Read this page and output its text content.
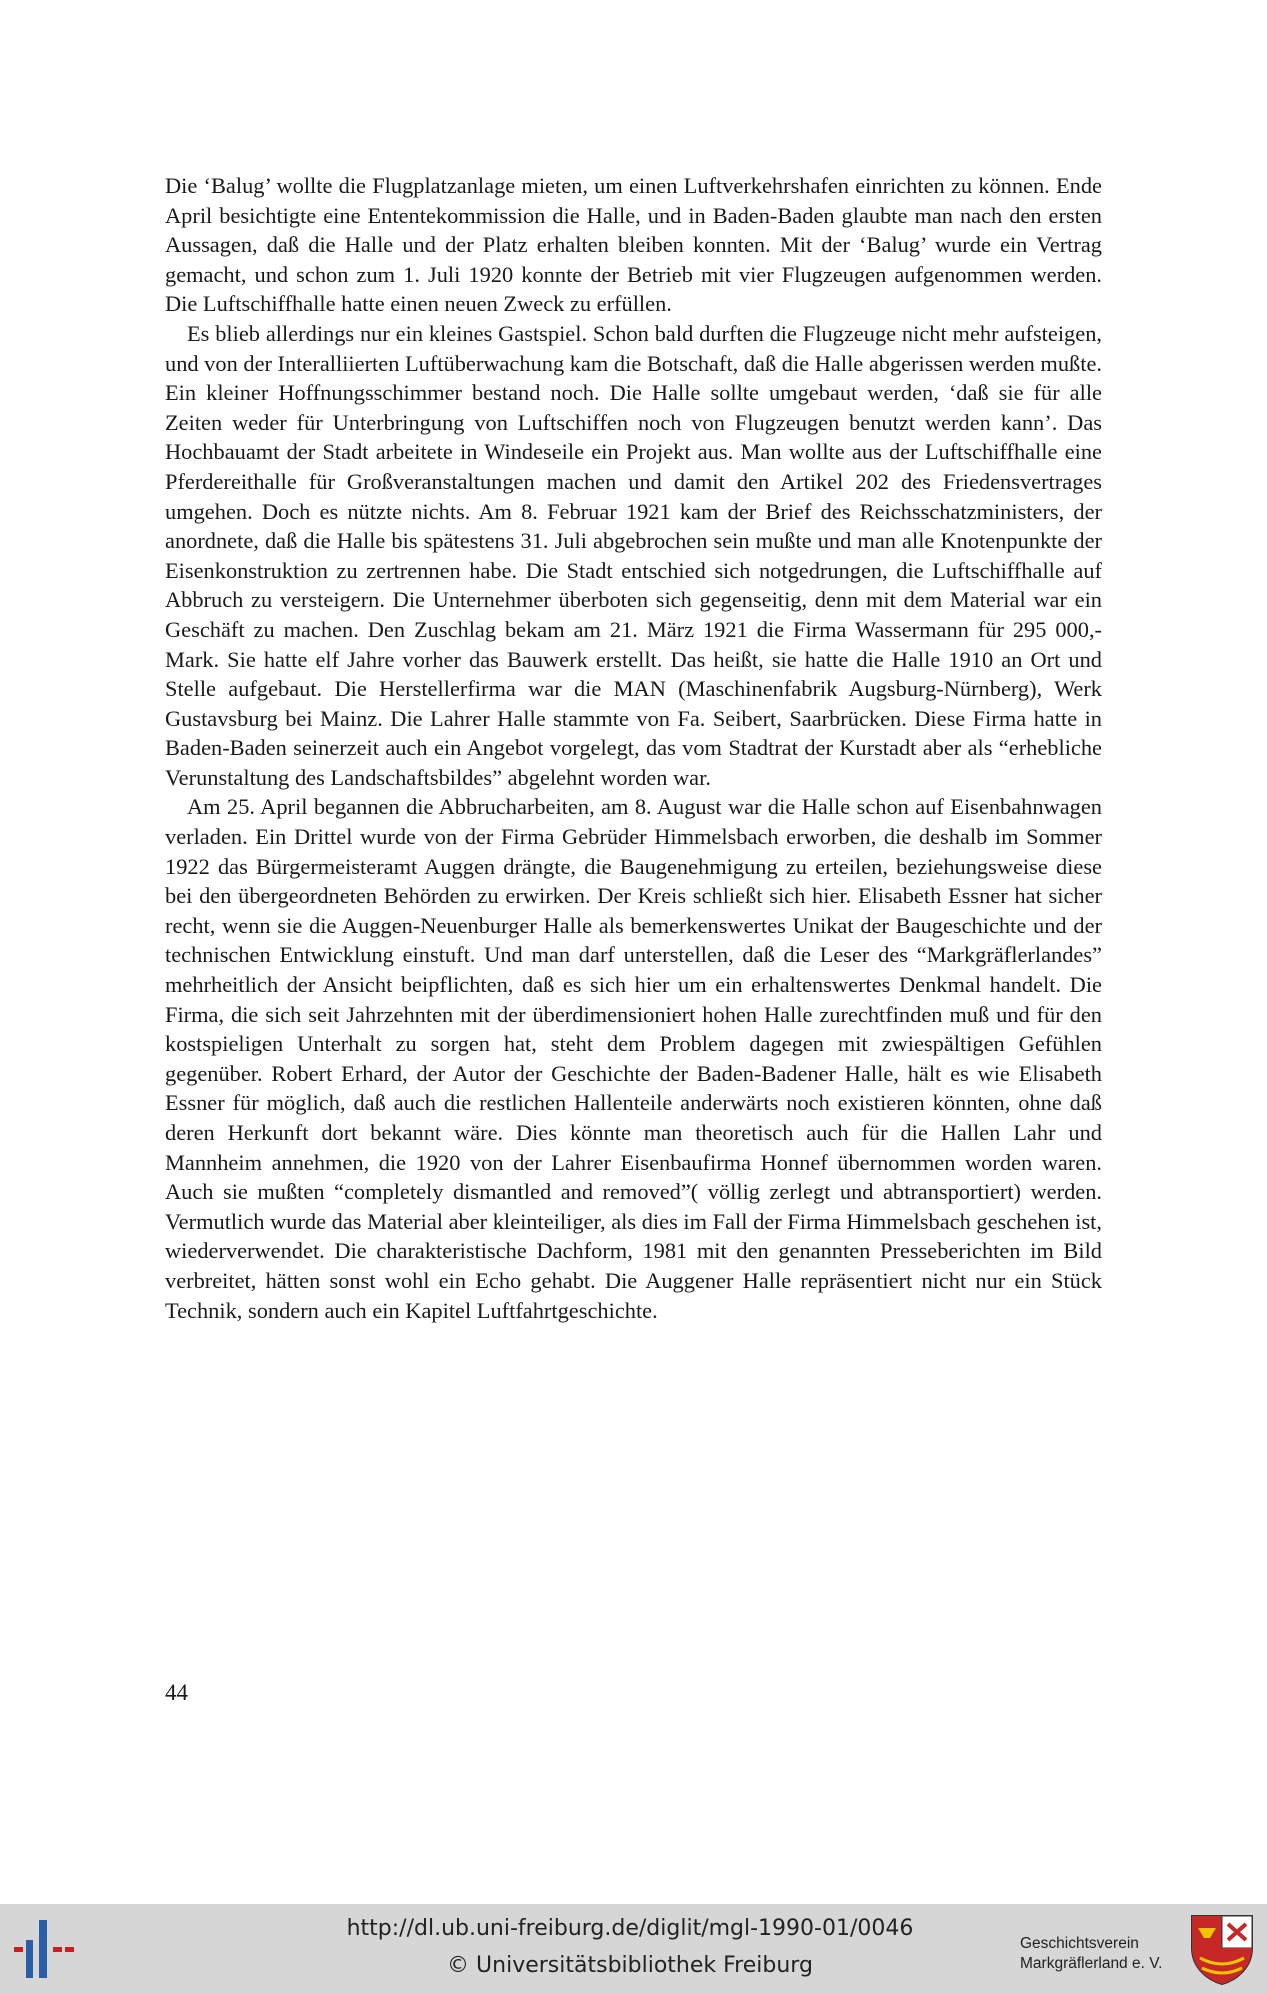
Die ‘Balug’ wollte die Flugplatzanlage mieten, um einen Luftverkehrshafen einrichten zu können. Ende April besichtigte eine Ententekommission die Halle, und in Baden-Baden glaubte man nach den ersten Aussagen, daß die Halle und der Platz erhalten bleiben konnten. Mit der ‘Balug’ wurde ein Vertrag gemacht, und schon zum 1. Juli 1920 konnte der Betrieb mit vier Flugzeugen aufgenommen werden. Die Luftschiffhalle hatte einen neuen Zweck zu erfüllen.

Es blieb allerdings nur ein kleines Gastspiel. Schon bald durften die Flugzeuge nicht mehr aufsteigen, und von der Interalliierten Luftüberwachung kam die Botschaft, daß die Halle abgerissen werden mußte. Ein kleiner Hoffnungsschimmer bestand noch. Die Halle sollte umgebaut werden, ‘daß sie für alle Zeiten weder für Unterbringung von Luftschiffen noch von Flugzeugen benutzt werden kann’. Das Hochbauamt der Stadt arbeitete in Windeseile ein Projekt aus. Man wollte aus der Luftschiffhalle eine Pferdereithalle für Großveranstaltungen machen und damit den Artikel 202 des Friedensvertrages umgehen. Doch es nützte nichts. Am 8. Februar 1921 kam der Brief des Reichsschatzministers, der anordnete, daß die Halle bis spätestens 31. Juli abgebrochen sein mußte und man alle Knotenpunkte der Eisenkonstruktion zu zertrennen habe. Die Stadt entschied sich notgedrungen, die Luftschiffhalle auf Abbruch zu versteigern. Die Unternehmer überboten sich gegenseitig, denn mit dem Material war ein Geschäft zu machen. Den Zuschlag bekam am 21. März 1921 die Firma Wassermann für 295 000,- Mark. Sie hatte elf Jahre vorher das Bauwerk erstellt. Das heißt, sie hatte die Halle 1910 an Ort und Stelle aufgebaut. Die Herstellerfirma war die MAN (Maschinenfabrik Augsburg-Nürnberg), Werk Gustavsburg bei Mainz. Die Lahrer Halle stammte von Fa. Seibert, Saarbrücken. Diese Firma hatte in Baden-Baden seinerzeit auch ein Angebot vorgelegt, das vom Stadtrat der Kurstadt aber als “erhebliche Verunstaltung des Landschaftsbildes” abgelehnt worden war.

Am 25. April begannen die Abbrucharbeiten, am 8. August war die Halle schon auf Eisenbahnwagen verladen. Ein Drittel wurde von der Firma Gebrüder Himmelsbach erworben, die deshalb im Sommer 1922 das Bürgermeisteramt Auggen drängte, die Baugenehmigung zu erteilen, beziehungsweise diese bei den übergeordneten Behörden zu erwirken. Der Kreis schließt sich hier. Elisabeth Essner hat sicher recht, wenn sie die Auggen-Neuenburger Halle als bemerkenswertes Unikat der Baugeschichte und der technischen Entwicklung einstuft. Und man darf unterstellen, daß die Leser des “Markgräflerlandes” mehrheitlich der Ansicht beipflichten, daß es sich hier um ein erhaltenswertes Denkmal handelt. Die Firma, die sich seit Jahrzehnten mit der überdimensioniert hohen Halle zurechtfinden muß und für den kostspieligen Unterhalt zu sorgen hat, steht dem Problem dagegen mit zwiespältigen Gefühlen gegenüber. Robert Erhard, der Autor der Geschichte der Baden-Badener Halle, hält es wie Elisabeth Essner für möglich, daß auch die restlichen Hallenteile anderwärts noch existieren könnten, ohne daß deren Herkunft dort bekannt wäre. Dies könnte man theoretisch auch für die Hallen Lahr und Mannheim annehmen, die 1920 von der Lahrer Eisenbaufirma Honnef übernommen worden waren. Auch sie mußten “completely dismantled and removed”( völlig zerlegt und abtransportiert) werden. Vermutlich wurde das Material aber kleinteiliger, als dies im Fall der Firma Himmelsbach geschehen ist, wiederverwendet. Die charakteristische Dachform, 1981 mit den genannten Presseberichten im Bild verbreitet, hätten sonst wohl ein Echo gehabt. Die Auggener Halle repräsentiert nicht nur ein Stück Technik, sondern auch ein Kapitel Luftfahrtgeschichte.

44
http://dl.ub.uni-freiburg.de/diglit/mgl-1990-01/0046
© Universitätsbibliothek Freiburg
Geschichtsverein
Markgräflerland e. V.
